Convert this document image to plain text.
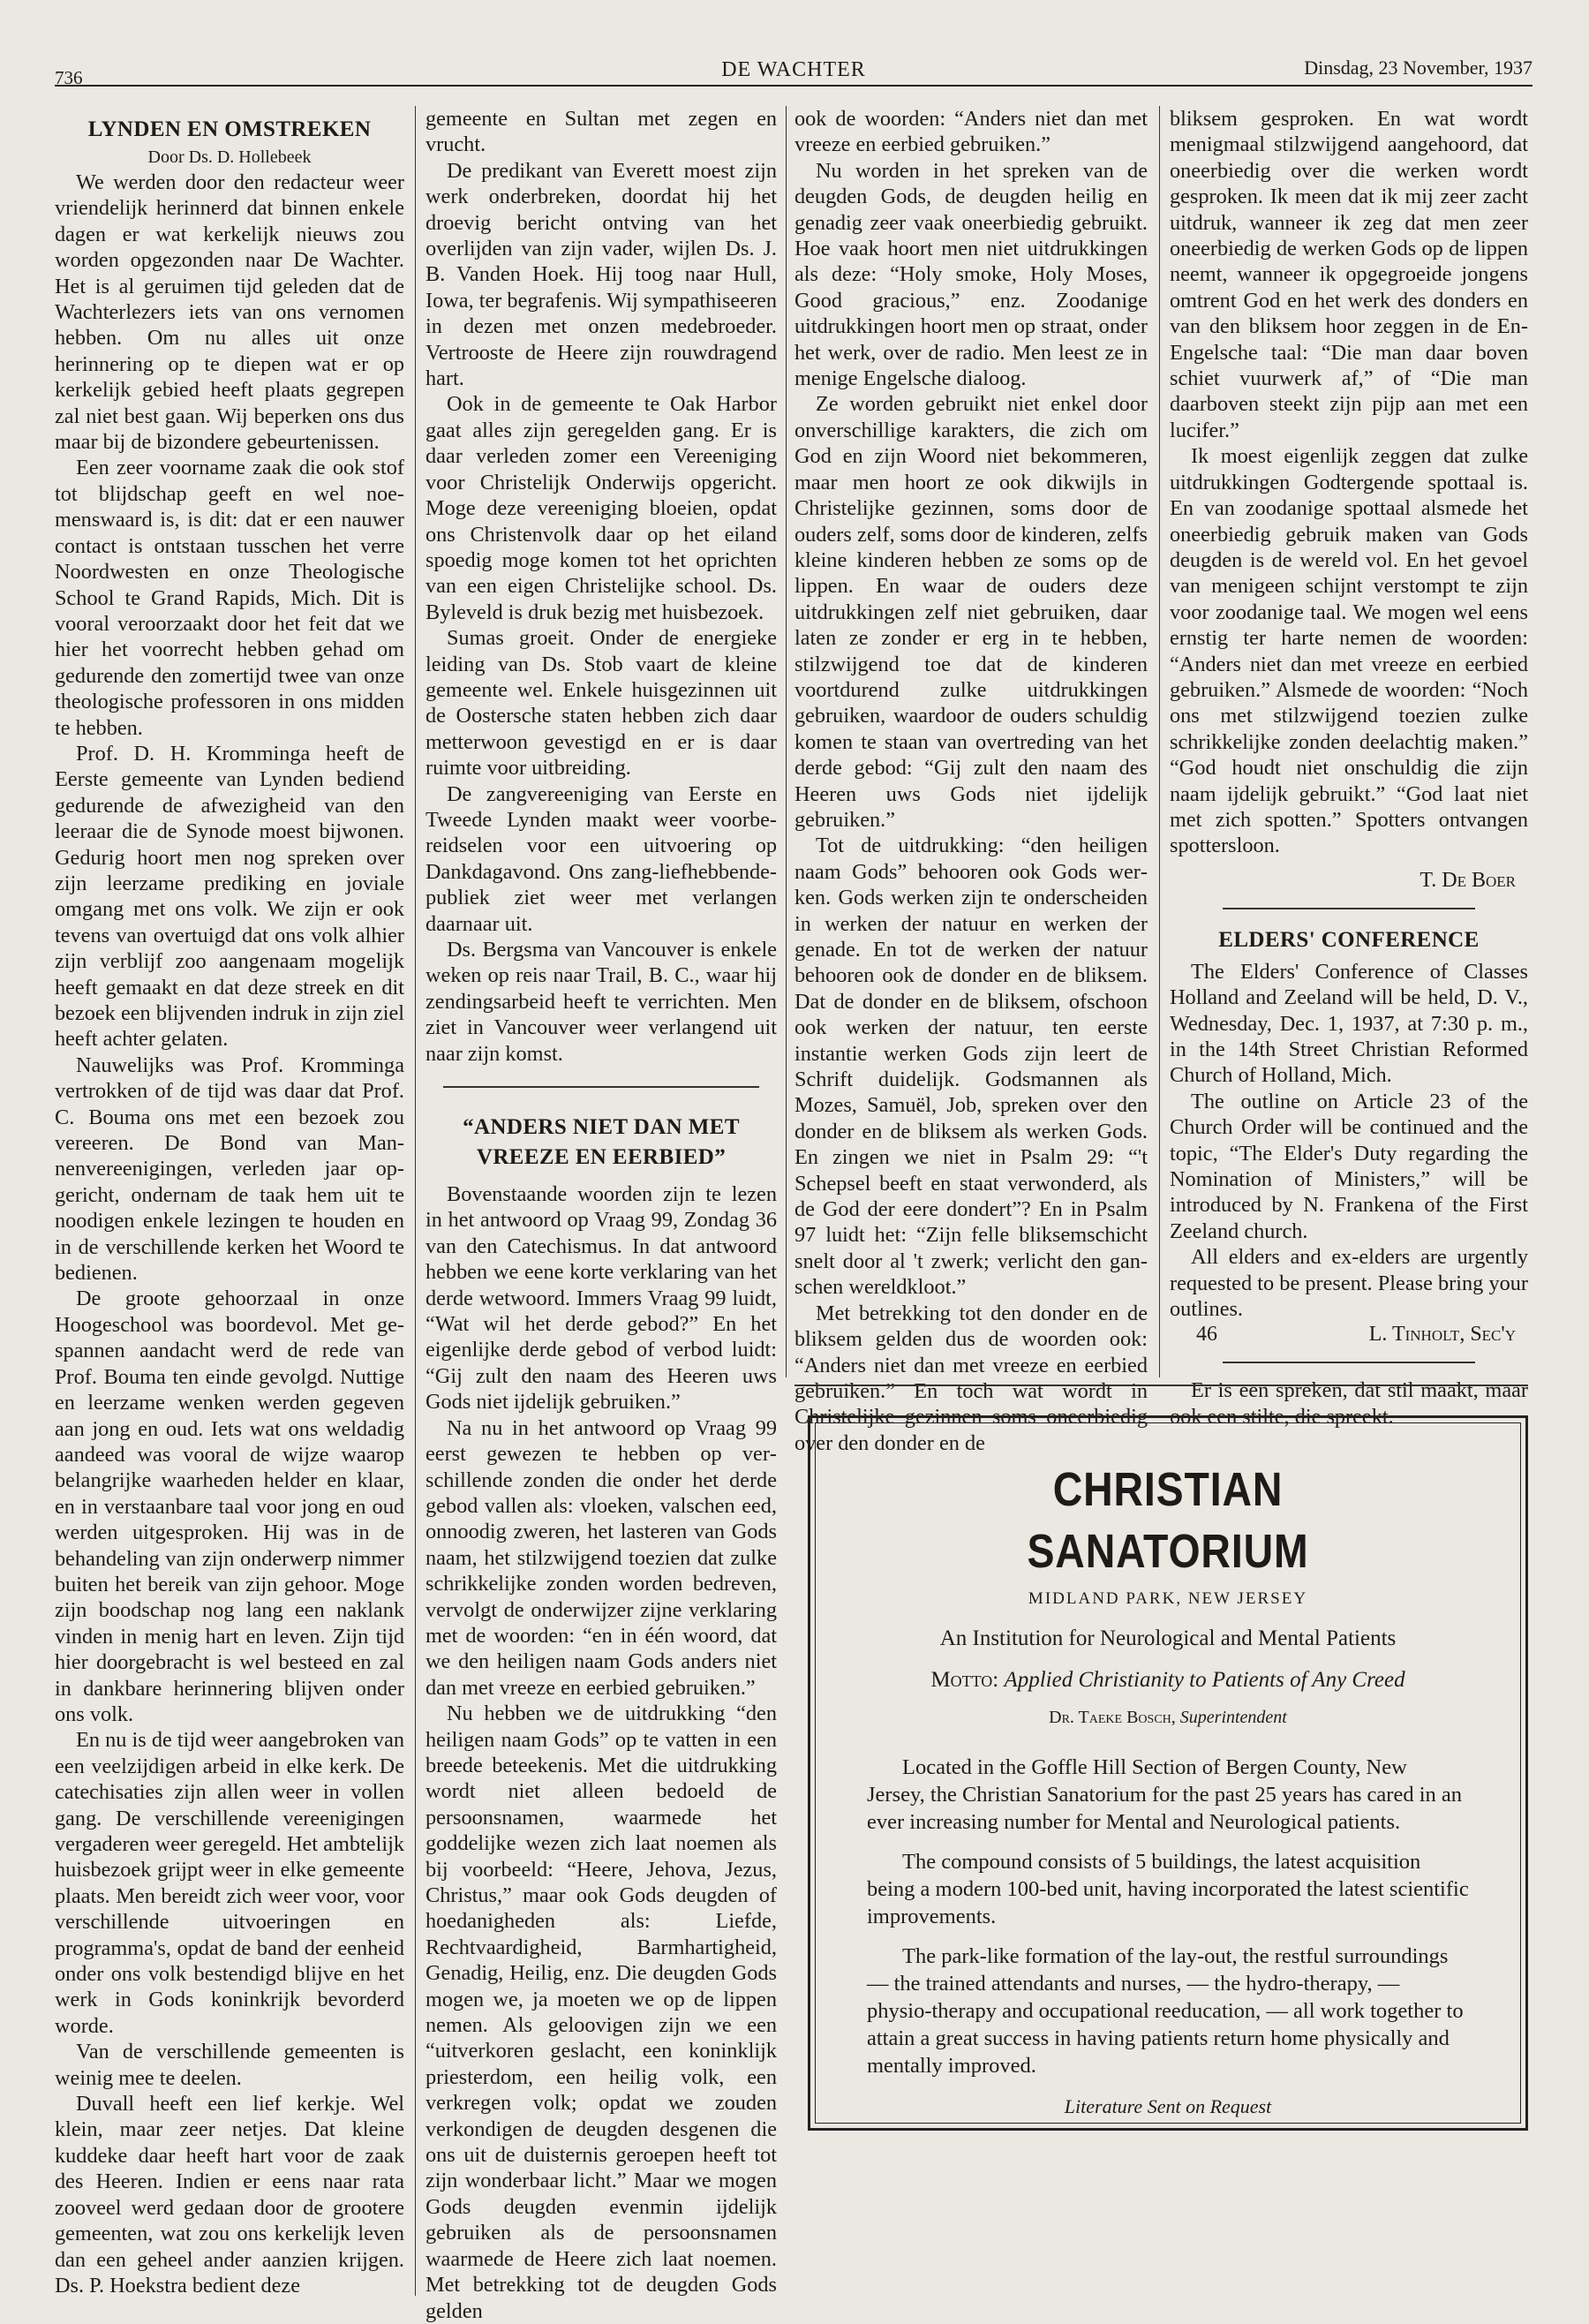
736	DE WACHTER	Dinsdag, 23 November, 1937
LYNDEN EN OMSTREKEN
Door Ds. D. Hollebeek

We werden door den redacteur weer vriendelijk herinnerd dat binnen enkele dagen er wat kerkelijk nieuws zou worden opgezonden naar De Wachter. Het is al geruimen tijd geleden dat de Wachterlezers iets van ons vernomen hebben. Om nu alles uit onze herinnering op te diepen wat er op kerkelijk gebied heeft plaats gegrepen zal niet best gaan. Wij beperken ons dus maar bij de bizondere gebeurtenissen.

Een zeer voorname zaak die ook stof tot blijdschap geeft en wel noemenswaard is, is dit: dat er een nauwer contact is ontstaan tusschen het verre Noordwesten en onze Theologische School te Grand Rapids, Mich. Dit is vooral veroorzaakt door het feit dat we hier het voorrecht hebben gehad om gedurende den zomertijd twee van onze theologische professoren in ons midden te hebben.

Prof. D. H. Kromminga heeft de Eerste gemeente van Lynden bediend gedurende de afwezigheid van den leeraar die de Synode moest bijwonen. Gedurig hoort men nog spreken over zijn leerzame prediking en joviale omgang met ons volk. We zijn er ook tevens van overtuigd dat ons volk alhier zijn verblijf zoo aangenaam mogelijk heeft gemaakt en dat deze streek en dit bezoek een blijvenden indruk in zijn ziel heeft achter gelaten.

Nauwelijks was Prof. Kromminga vertrokken of de tijd was daar dat Prof. C. Bouma ons met een bezoek zou vereeren. De Bond van Mannenvereenigingen, verleden jaar opgericht, ondernam de taak hem uit te noodigen enkele lezingen te houden en in de verschillende kerken het Woord te bedienen.

De groote gehoorzaal in onze Hoogeschool was boordevol. Met gespannen aandacht werd de rede van Prof. Bouma ten einde gevolgd. Nuttige en leerzame wenken werden gegeven aan jong en oud. Iets wat ons weldadig aandeed was vooral de wijze waarop belangrijke waarheden helder en klaar, en in verstaanbare taal voor jong en oud werden uitgesproken. Hij was in de behandeling van zijn onderwerp nimmer buiten het bereik van zijn gehoor. Moge zijn boodschap nog lang een naklank vinden in menig hart en leven. Zijn tijd hier doorgebracht is wel besteed en zal in dankbare herinnering blijven onder ons volk.

En nu is de tijd weer aangebroken van een veelzijdigen arbeid in elke kerk. De catechisaties zijn allen weer in vollen gang. De verschillende vereenigingen vergaderen weer geregeld. Het ambtelijk huisbezoek grijpt weer in elke gemeente plaats. Men bereidt zich weer voor, voor verschillende uitvoeringen en programma's, opdat de band der eenheid onder ons volk bestendigd blijve en het werk in Gods koninkrijk bevorderd worde.

Van de verschillende gemeenten is weinig mee te deelen.

Duvall heeft een lief kerkje. Wel klein, maar zeer netjes. Dat kleine kuddeke daar heeft hart voor de zaak des Heeren. Indien er eens naar rata zooveel werd gedaan door de grootere gemeenten, wat zou ons kerkelijk leven dan een geheel ander aanzien krijgen. Ds. P. Hoekstra bedient deze

gemeente en Sultan met zegen en vrucht.

De predikant van Everett moest zijn werk onderbreken, doordat hij het droevig bericht ontving van het overlijden van zijn vader, wijlen Ds. J. B. Vanden Hoek. Hij toog naar Hull, Iowa, ter begrafenis. Wij sympathiseeren in dezen met onzen medebroeder. Vertrooste de Heere zijn rouwdragend hart.

Ook in de gemeente te Oak Harbor gaat alles zijn geregelden gang. Er is daar verleden zomer een Vereeniging voor Christelijk Onderwijs opgericht. Moge deze vereeniging bloeien, opdat ons Christenvolk daar op het eiland spoedig moge komen tot het oprichten van een eigen Christelijke school. Ds. Byleveld is druk bezig met huisbezoek.

Sumas groeit. Onder de energieke leiding van Ds. Stob vaart de kleine gemeente wel. Enkele huisgezinnen uit de Oostersche staten hebben zich daar metterwoon gevestigd en er is daar ruimte voor uitbreiding.

De zangvereeniging van Eerste en Tweede Lynden maakt weer voorbereidselen voor een uitvoering op Dankdagavond. Ons zang-liefhebbende-publiek ziet weer met verlangen daarnaar uit.

Ds. Bergsma van Vancouver is enkele weken op reis naar Trail, B. C., waar hij zendingsarbeid heeft te verrichten. Men ziet in Vancouver weer verlangend uit naar zijn komst.

“ANDERS NIET DAN MET VREEZE EN EERBIED”

Bovenstaande woorden zijn te lezen in het antwoord op Vraag 99, Zondag 36 van den Catechismus. In dat antwoord hebben we eene korte verklaring van het derde wetwoord. Immers Vraag 99 luidt, “Wat wil het derde gebod?” En het eigenlijke derde gebod of verbod luidt: “Gij zult den naam des Heeren uws Gods niet ijdelijk gebruiken.”

Na nu in het antwoord op Vraag 99 eerst gewezen te hebben op verschillende zonden die onder het derde gebod vallen als: vloeken, valschen eed, onnoodig zweren, het lasteren van Gods naam, het stilzwijgend toezien dat zulke schrikkelijke zonden worden bedreven, vervolgt de onderwijzer zijne verklaring met de woorden: “en in één woord, dat we den heiligen naam Gods anders niet dan met vreeze en eerbied gebruiken.”

Nu hebben we de uitdrukking “den heiligen naam Gods” op te vatten in een breede beteekenis. Met die uitdrukking wordt niet alleen bedoeld de persoonsnamen, waarmede het goddelijke wezen zich laat noemen als bij voorbeeld: “Heere, Jehova, Jezus, Christus,” maar ook Gods deugden of hoedanigheden als: Liefde, Rechtvaardigheid, Barmhartigheid, Genadig, Heilig, enz. Die deugden Gods mogen we, ja moeten we op de lippen nemen. Als geloovigen zijn we een “uitverkoren geslacht, een koninklijk priesterdom, een heilig volk, een verkregen volk; opdat we zouden verkondigen de deugden desgenen die ons uit de duisternis geroepen heeft tot zijn wonderbaar licht.” Maar we mogen Gods deugden evenmin ijdelijk gebruiken als de persoonsnamen waarmede de Heere zich laat noemen. Met betrekking tot de deugden Gods gelden

ook de woorden: “Anders niet dan met vreeze en eerbied gebruiken.”

Nu worden in het spreken van de deugden Gods, de deugden heilig en genadig zeer vaak oneerbiedig gebruikt. Hoe vaak hoort men niet uitdrukkingen als deze: “Holy smoke, Holy Moses, Good gracious,” enz. Zoodanige uitdrukkingen hoort men op straat, onder het werk, over de radio. Men leest ze in menige Engelsche dialoog.

Ze worden gebruikt niet enkel door onverschillige karakters, die zich om God en zijn Woord niet bekommeren, maar men hoort ze ook dikwijls in Christelijke gezinnen, soms door de ouders zelf, soms door de kinderen, zelfs kleine kinderen hebben ze soms op de lippen. En waar de ouders deze uitdrukkingen zelf niet gebruiken, daar laten ze zonder er erg in te hebben, stilzwijgend toe dat de kinderen voortdurend zulke uitdrukkingen gebruiken, waardoor de ouders schuldig komen te staan van overtreding van het derde gebod: “Gij zult den naam des Heeren uws Gods niet ijdelijk gebruiken.”

Tot de uitdrukking: “den heiligen naam Gods” behooren ook Gods werken. Gods werken zijn te onderscheiden in werken der natuur en werken der genade. En tot de werken der natuur behooren ook de donder en de bliksem. Dat de donder en de bliksem, ofschoon ook werken der natuur, ten eerste instantie werken Gods zijn leert de Schrift duidelijk. Godsmannen als Mozes, Samuël, Job, spreken over den donder en de bliksem als werken Gods. En zingen we niet in Psalm 29: “'t Schepsel beeft en staat verwonderd, als de God der eere dondert”? En in Psalm 97 luidt het: “Zijn felle bliksemschicht snelt door al 't zwerk; verlicht den ganschen wereldkloot.”

Met betrekking tot den donder en de bliksem gelden dus de woorden ook: “Anders niet dan met vreeze en eerbied gebruiken.” En toch wat wordt in Christelijke gezinnen soms oneerbiedig over den donder en de

bliksem gesproken. En wat wordt menigmaal stilzwijgend aangehoord, dat oneerbiedig over die werken wordt gesproken. Ik meen dat ik mij zeer zacht uitdruk, wanneer ik zeg dat men zeer oneerbiedig de werken Gods op de lippen neemt, wanneer ik opgegroeide jongens omtrent God en het werk des donders en van den bliksem hoor zeggen in de EnEngelsche taal: “Die man daar boven schiet vuurwerk af,” of “Die man daarboven steekt zijn pijp aan met een lucifer.”

Ik moest eigenlijk zeggen dat zulke uitdrukkingen Godtergende spottaal is. En van zoodanige spottaal alsmede het oneerbiedig gebruik maken van Gods deugden is de wereld vol. En het gevoel van menigeen schijnt verstompt te zijn voor zoodanige taal. We mogen wel eens ernstig ter harte nemen de woorden: “Anders niet dan met vreeze en eerbied gebruiken.” Alsmede de woorden: “Noch ons met stilzwijgend toezien zulke schrikkelijke zonden deelachtig maken.” “God houdt niet onschuldig die zijn naam ijdelijk gebruikt.” “God laat niet met zich spotten.” Spotters ontvangen spottersloon.

T. De Boer
ELDERS' CONFERENCE

The Elders' Conference of Classes Holland and Zeeland will be held, D. V., Wednesday, Dec. 1, 1937, at 7:30 p. m., in the 14th Street Christian Reformed Church of Holland, Mich.

The outline on Article 23 of the Church Order will be continued and the topic, “The Elder's Duty regarding the Nomination of Ministers,” will be introduced by N. Frankena of the First Zeeland church.

All elders and ex-elders are urgently requested to be present. Please bring your outlines.

46	L. Tinholt, Sec'y

Er is een spreken, dat stil maakt, maar ook een stilte, die spreekt.

CHRISTIAN SANATORIUM
MIDLAND PARK, NEW JERSEY
An Institution for Neurological and Mental Patients
Motto: Applied Christianity to Patients of Any Creed
Dr. Taeke Bosch, Superintendent

Located in the Goffle Hill Section of Bergen County, New Jersey, the Christian Sanatorium for the past 25 years has cared in an ever increasing number for Mental and Neurological patients.

The compound consists of 5 buildings, the latest acquisition being a modern 100-bed unit, having incorporated the latest scientific improvements.

The park-like formation of the lay-out, the restful surroundings — the trained attendants and nurses, — the hydro-therapy, — physio-therapy and occupational reeducation, — all work together to attain a great success in having patients return home physically and mentally improved.

Literature Sent on Request
